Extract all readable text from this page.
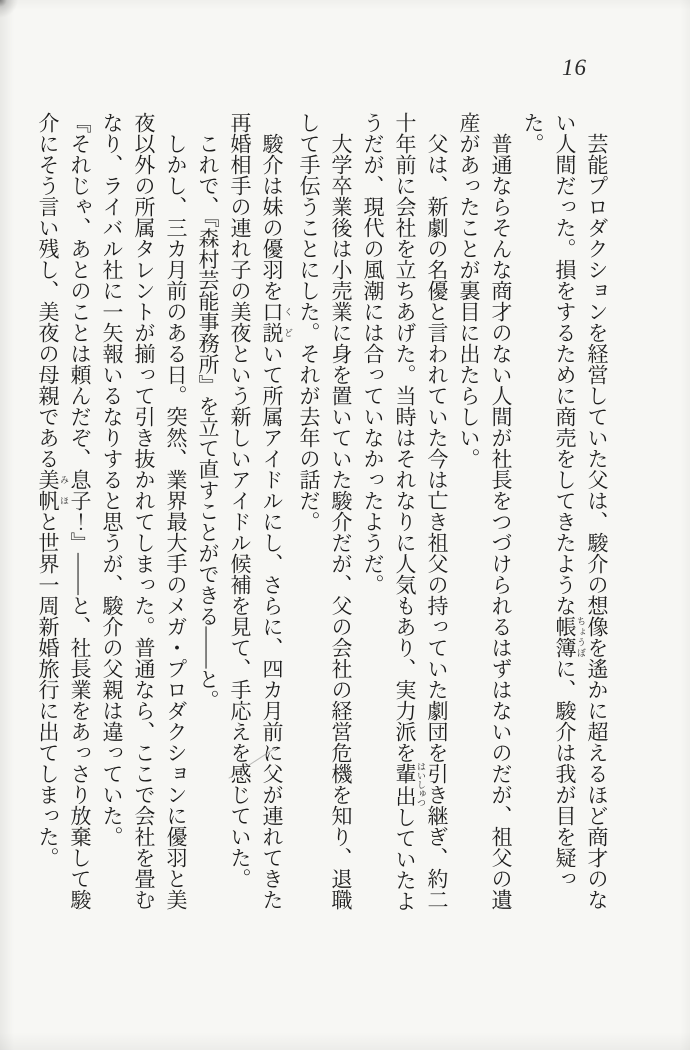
16

芸能プロダクションを経営していた父は、駿介の想像を遙かに超えるほど商才のない人間だった。損をするために商売をしてきたような帳簿 ちょうぼに、駿介は我が目を疑った。

普通ならそんな商才のない人間が社長をつづけられるはずはないのだが、祖父の遺産があったことが裏目に出たらしい。

父は、新劇の名優と言われていた今は亡き祖父の持っていた劇団を引き継ぎ、約二十年前に会社を立ちあげた。当時はそれなりに人気もあり、実力派を輩出 はいしゅつしていたようだが、現代の風潮には合っていなかったようだ。

大学卒業後は小売業に身を置いていた駿介だが、父の会社の経営危機を知り、退職して手伝うことにした。それが去年の話だ。

駿介は妹の優羽を口説 くどいて所属アイドルにし、さらに、四カ月前に父が連れてきた再婚相手の連れ子の美夜という新しいアイドル候補を見て、手応えを感じていた。

これで、『森村芸能事務所』を立て直すことができる――と。

しかし、三カ月前のある日。突然、業界最大手のメガ・プロダクションに優羽と美夜以外の所属タレントが揃って引き抜かれてしまった。普通なら、ここで会社を畳むなり、ライバル社に一矢報いるなりすると思うが、駿介の父親は違っていた。

『それじゃ、あとのことは頼んだぞ、息子！』――と、社長業をあっさり放棄して駿介にそう言い残し、美夜の母親である美帆 みほと世界一周新婚旅行に出てしまった。
